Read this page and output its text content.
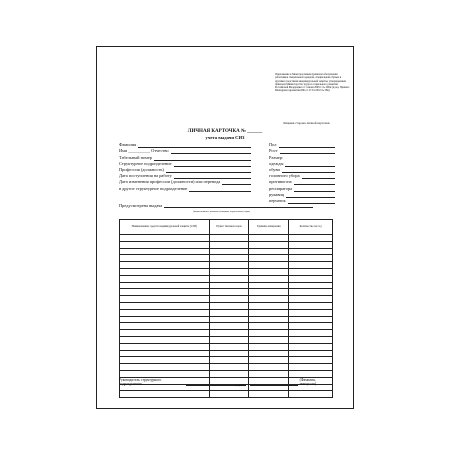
Приложение к Межотраслевым правилам обеспечения работников специальной одеждой, специальной обувью и другими средствами индивидуальной защиты, утвержденным приказом Министерства труда и социального развития Российской Федерации от 1 июня 2009 г. № 290н (в ред. Приказа Минздравсоцразвития РФ от 27.01.2010 № 28н)
Лицевая сторона личной карточки
ЛИЧНАЯ КАРТОЧКА № ______
учета выдачи СИЗ
Фамилия
Имя __________ Отчество
Табельный номер
Структурное подразделение
Профессия (должность)
Дата поступления на работу
Дата изменения профессии (должности) или перевода
в другое структурное подразделение
Пол
Рост
Размер:
одежды
обуви
головного убора
противогаза
респиратора
рукавиц
перчаток
Предусмотрена выдача
(наименование типовых (типовых отраслевых) норм)
Наименование средств индивидуальной защиты (СИЗ)	Пункт типовых норм	Единица измерения	Количество на год

Руководитель структурного подразделения
(Фамилия, инициалы)
(подпись)
